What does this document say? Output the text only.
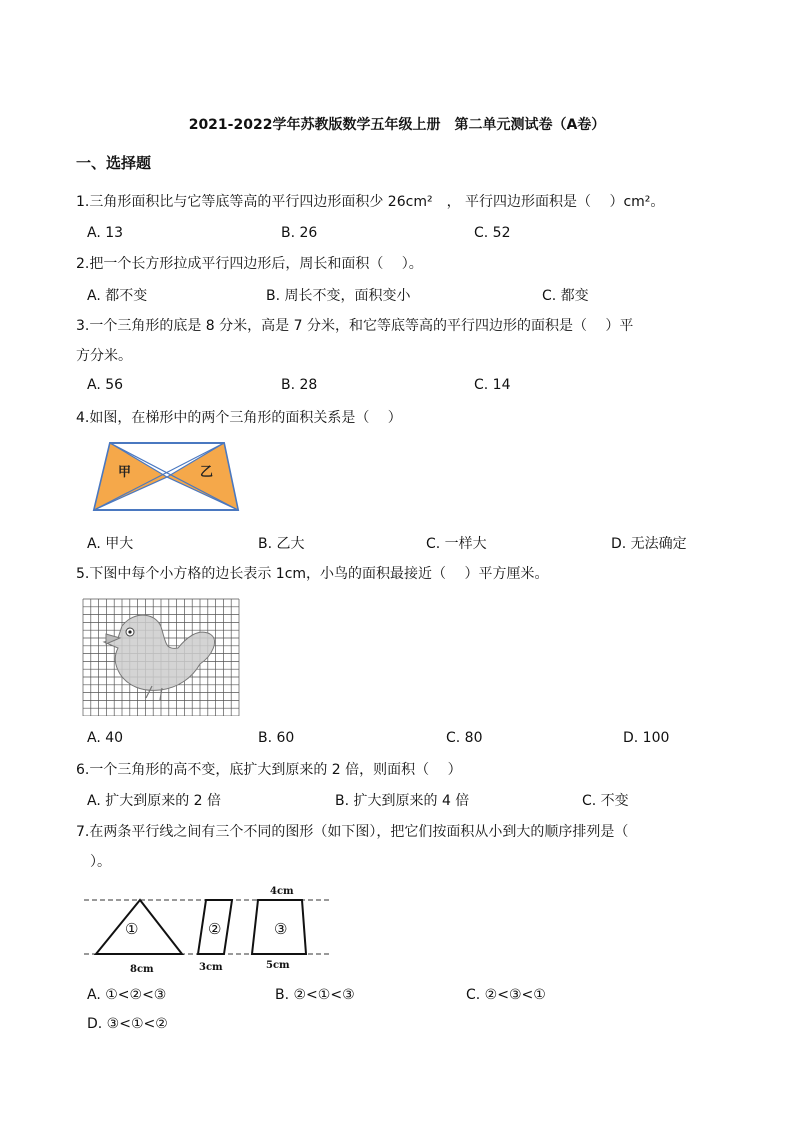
2021-2022学年苏教版数学五年级上册　第二单元测试卷（A卷）
一、选择题
1.三角形面积比与它等底等高的平行四边形面积少 26cm²　， 平行四边形面积是（　 ）cm²。
A. 13	B. 26	C. 52
2.把一个长方形拉成平行四边形后，周长和面积（　 ）。
A. 都不变	B. 周长不变，面积变小	C. 都变
3.一个三角形的底是 8 分米，高是 7 分米，和它等底等高的平行四边形的面积是（　 ）平
方分米。
A. 56	B. 28	C. 14
4.如图，在梯形中的两个三角形的面积关系是（　 ）
甲	乙
A. 甲大	B. 乙大	C. 一样大	D. 无法确定
5.下图中每个小方格的边长表示 1cm，小鸟的面积最接近（　 ）平方厘米。
A. 40	B. 60	C. 80	D. 100
6.一个三角形的高不变，底扩大到原来的 2 倍，则面积（　 ）
A. 扩大到原来的 2 倍	B. 扩大到原来的 4 倍	C. 不变
7.在两条平行线之间有三个不同的图形（如下图），把它们按面积从小到大的顺序排列是（
　）。
①	②	③
4cm
8cm	3cm	5cm
A. ①<②<③	B. ②<①<③	C. ②<③<①
D. ③<①<②
